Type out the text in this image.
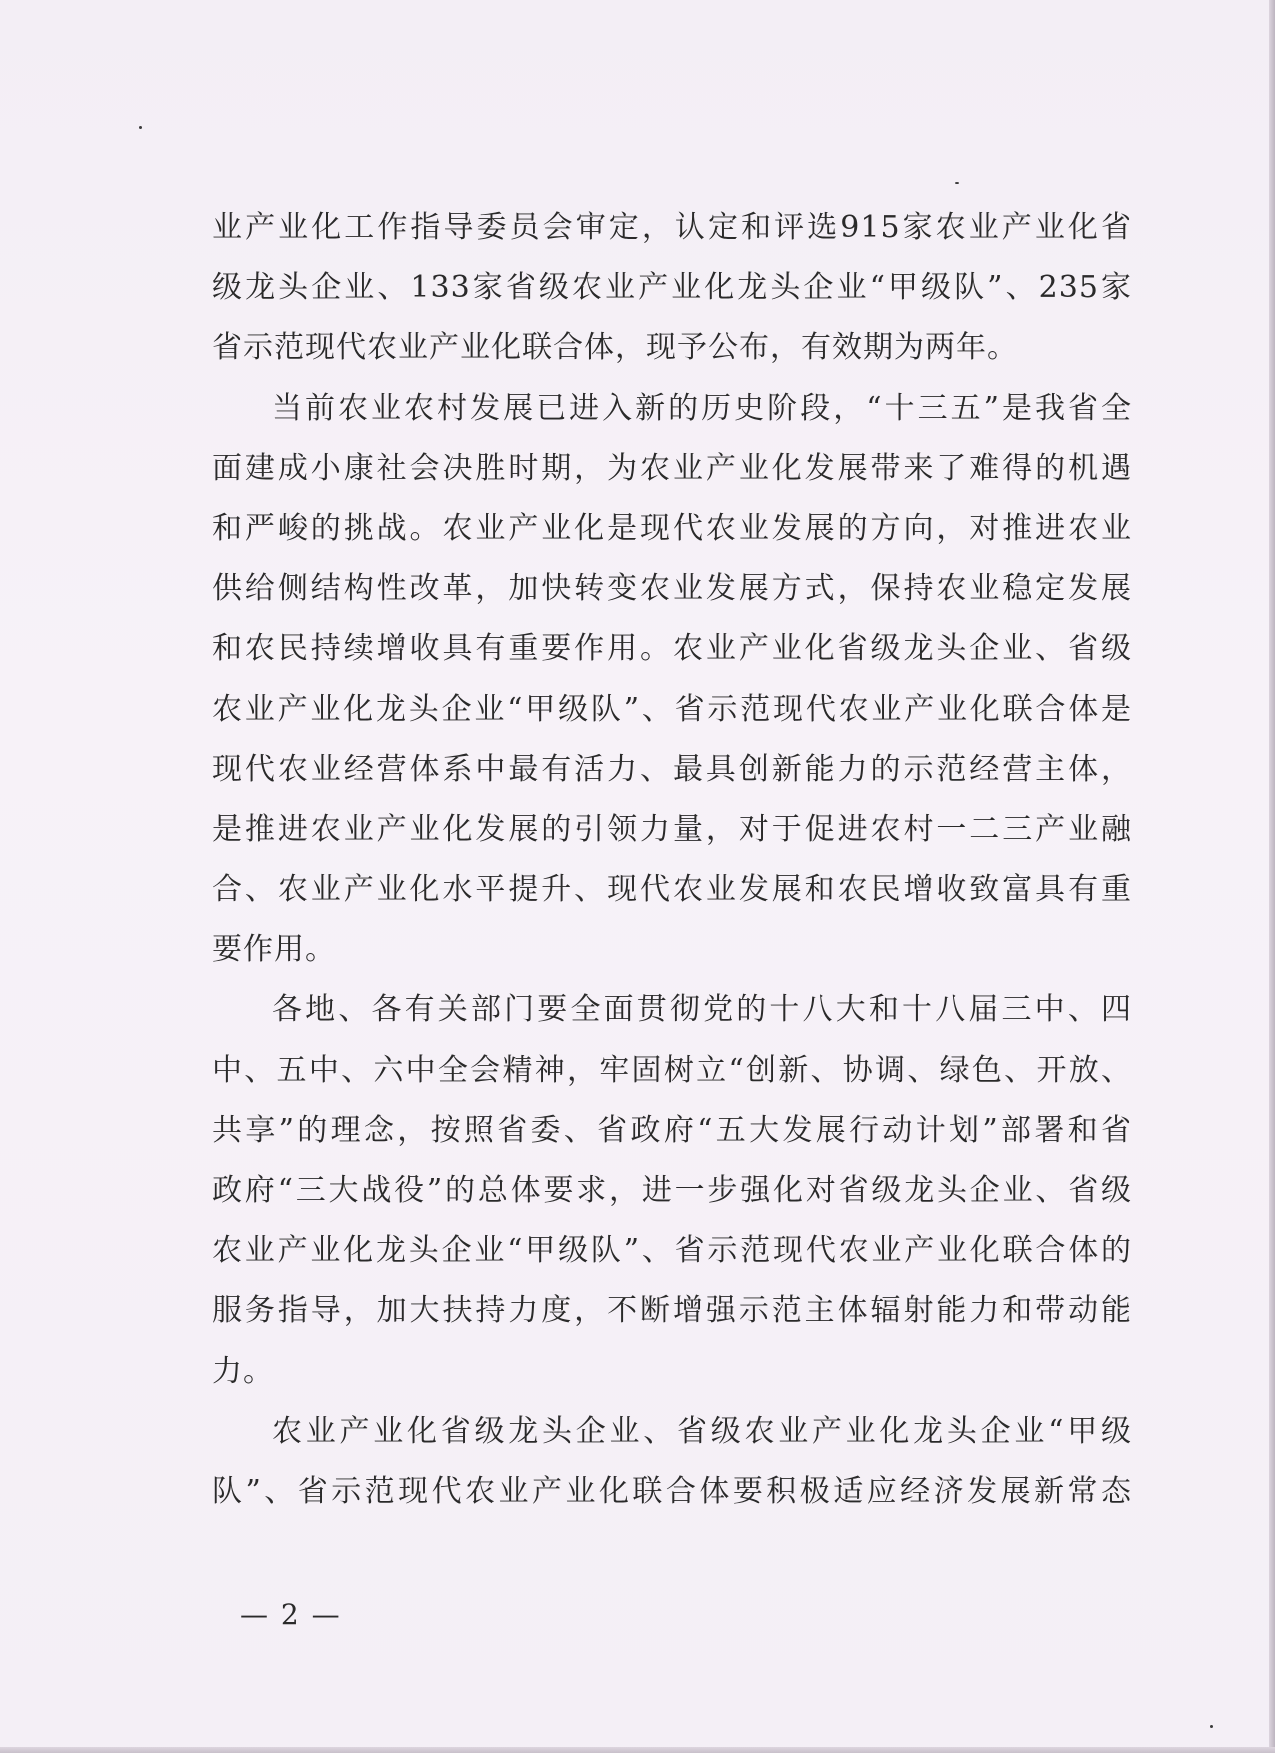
业产业化工作指导委员会审定，认定和评选915家农业产业化省
级龙头企业、133家省级农业产业化龙头企业“甲级队”、235家
省示范现代农业产业化联合体，现予公布，有效期为两年。
当前农业农村发展已进入新的历史阶段，“十三五”是我省全
面建成小康社会决胜时期，为农业产业化发展带来了难得的机遇
和严峻的挑战。农业产业化是现代农业发展的方向，对推进农业
供给侧结构性改革，加快转变农业发展方式，保持农业稳定发展
和农民持续增收具有重要作用。农业产业化省级龙头企业、省级
农业产业化龙头企业“甲级队”、省示范现代农业产业化联合体是
现代农业经营体系中最有活力、最具创新能力的示范经营主体，
是推进农业产业化发展的引领力量，对于促进农村一二三产业融
合、农业产业化水平提升、现代农业发展和农民增收致富具有重
要作用。
各地、各有关部门要全面贯彻党的十八大和十八届三中、四
中、五中、六中全会精神，牢固树立“创新、协调、绿色、开放、
共享”的理念，按照省委、省政府“五大发展行动计划”部署和省
政府“三大战役”的总体要求，进一步强化对省级龙头企业、省级
农业产业化龙头企业“甲级队”、省示范现代农业产业化联合体的
服务指导，加大扶持力度，不断增强示范主体辐射能力和带动能
力。
农业产业化省级龙头企业、省级农业产业化龙头企业“甲级
队”、省示范现代农业产业化联合体要积极适应经济发展新常态
— 2 —
